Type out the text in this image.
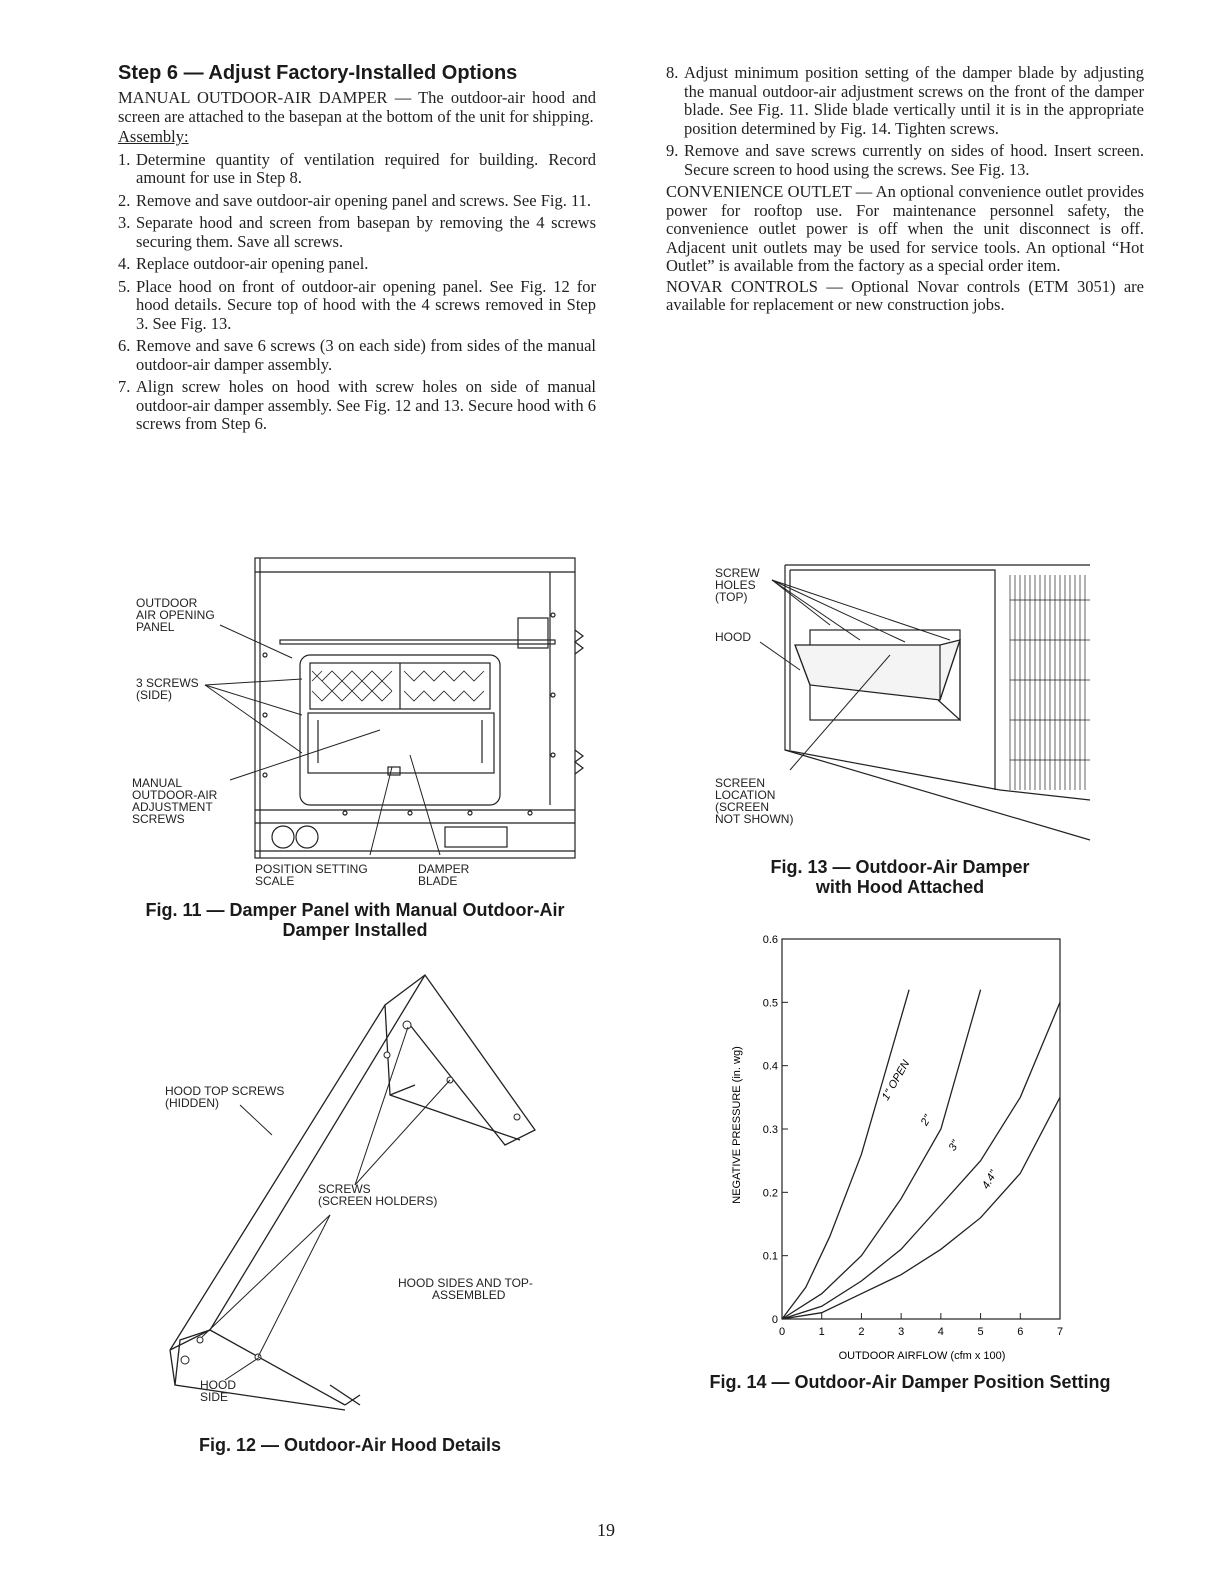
Step 6 — Adjust Factory-Installed Options
MANUAL OUTDOOR-AIR DAMPER — The outdoor-air hood and screen are attached to the basepan at the bottom of the unit for shipping.
Assembly:
1. Determine quantity of ventilation required for building. Record amount for use in Step 8.
2. Remove and save outdoor-air opening panel and screws. See Fig. 11.
3. Separate hood and screen from basepan by removing the 4 screws securing them. Save all screws.
4. Replace outdoor-air opening panel.
5. Place hood on front of outdoor-air opening panel. See Fig. 12 for hood details. Secure top of hood with the 4 screws removed in Step 3. See Fig. 13.
6. Remove and save 6 screws (3 on each side) from sides of the manual outdoor-air damper assembly.
7. Align screw holes on hood with screw holes on side of manual outdoor-air damper assembly. See Fig. 12 and 13. Secure hood with 6 screws from Step 6.
8. Adjust minimum position setting of the damper blade by adjusting the manual outdoor-air adjustment screws on the front of the damper blade. See Fig. 11. Slide blade vertically until it is in the appropriate position determined by Fig. 14. Tighten screws.
9. Remove and save screws currently on sides of hood. Insert screen. Secure screen to hood using the screws. See Fig. 13.
CONVENIENCE OUTLET — An optional convenience outlet provides power for rooftop use. For maintenance personnel safety, the convenience outlet power is off when the unit disconnect is off. Adjacent unit outlets may be used for service tools. An optional “Hot Outlet” is available from the factory as a special order item.
NOVAR CONTROLS — Optional Novar controls (ETM 3051) are available for replacement or new construction jobs.
OUTDOOR
AIR OPENING
PANEL
3 SCREWS
(SIDE)
MANUAL
OUTDOOR-AIR
ADJUSTMENT
SCREWS
POSITION SETTING
SCALE
DAMPER
BLADE
Fig. 11 — Damper Panel with Manual Outdoor-Air
Damper Installed
HOOD TOP SCREWS
(HIDDEN)
SCREWS
(SCREEN HOLDERS)
HOOD SIDES AND TOP-
ASSEMBLED
HOOD
SIDE
Fig. 12 — Outdoor-Air Hood Details
SCREW
HOLES
(TOP)
HOOD
SCREEN
LOCATION
(SCREEN
NOT SHOWN)
Fig. 13 — Outdoor-Air Damper
with Hood Attached
0
0.1
0.2
0.3
0.4
0.5
0.6
0	1	2	3	4	5	6	7
1" OPEN
2"
3"
4.4"
NEGATIVE PRESSURE (in. wg)
OUTDOOR AIRFLOW (cfm x 100)
Fig. 14 — Outdoor-Air Damper Position Setting
19
